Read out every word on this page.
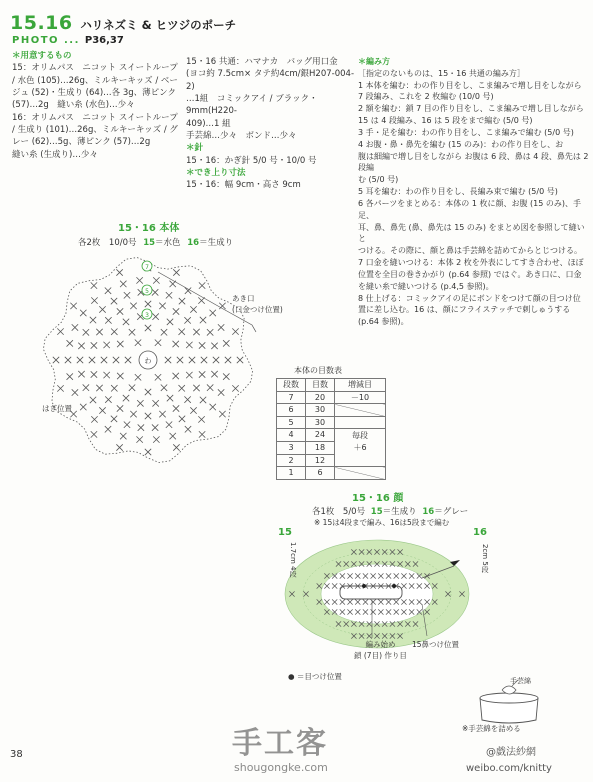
15.16 ハリネズミ & ヒツジのポーチ
PHOTO ... P36,37

＊用意するもの

15：オリムパス　ニコット スイートループ

/ 水色 (105)…26g、ミルキーキッズ / ベー

ジュ (52)・生成り (64)…各 3g、薄ピンク

(57)…2g　縫い糸 (水色)…少々

16：オリムパス　ニコット スイートループ

/ 生成り (101)…26g、ミルキーキッズ / グ

レー (62)…5g、薄ピンク (57)…2g

縫い糸 (生成り)…少々

15・16 共通：ハマナカ　バッグ用口金

(ヨコ約 7.5cm× タテ約4cm/銀H207-004-2)

…1組　コミックアイ / ブラック・9mm(H220-

409)…1 組

手芸綿…少々　ボンド…少々

＊針

15・16：かぎ針 5/0 号・10/0 号

＊でき上り寸法

15・16：幅 9cm・高さ 9cm

＊編み方

［指定のないものは、15・16 共通の編み方］

1 本体を編む：わの作り目をし、こま編みで増し目をしながら

7 段編み、これを 2 枚編む (10/0 号)

2 額を編む：鎖 7 目の作り目をし、こま編みで増し目しながら

15 は 4 段編み、16 は 5 段をまで編む (5/0 号)

3 手・足を編む：わの作り目をし、こま編みで編む (5/0 号)

4 お腹・鼻・鼻先を編む (15 のみ)：わの作り目をし、お

腹は細編で増し目をしながら お腹は 6 段、鼻は 4 段、鼻先は 2 段編

む (5/0 号)

5 耳を編む：わの作り目をし、長編み束で編む (5/0 号)

6 各パーツをまとめる：本体の 1 枚に顔、お腹 (15 のみ)、手足、

耳、鼻、鼻先 (鼻、鼻先は 15 のみ) をまとめ図を参照して縫いと

つける。その際に、顔と鼻は手芸綿を詰めてからとじつける。

7 口金を縫いつける：本体 2 枚を外表にしてすき合わせ、ほぼ

位置を全目の巻きかがり (p.64 参照) ではぐ。あき口に、口金

を縫い糸で縫いつける (p.4,5 参照)。

8 仕上げる：コミックアイの足にボンドをつけて顔の目つけ位

置に差し込む。16 は、顔にフライステッチで刺しゅうする

(p.64 参照)。

15・16 本体
各2枚　10/0号 15＝水色 16＝生成り
わ
7
5
3
あき口
(口金つけ位置)
はぎ位置
本体の目数表
段数	目数	増減目
7	20	－10
6	30	
5	30	
4	24	毎段
3	18	＋6
2	12	
1	6	
15・16 顔
各1枚　5/0号 15＝生成り 16＝グレー
※ 15は4段まで編み、16は5段まで編む
15
1.7cm 4段
16
2cm 5段
編み始め
鎖 (7目) 作り目
15鼻つけ位置
● ＝目つけ位置	手芸綿
※手芸綿を詰める
38	手工客
shougongke.com
@戯法紗網
weibo.com/knitty
